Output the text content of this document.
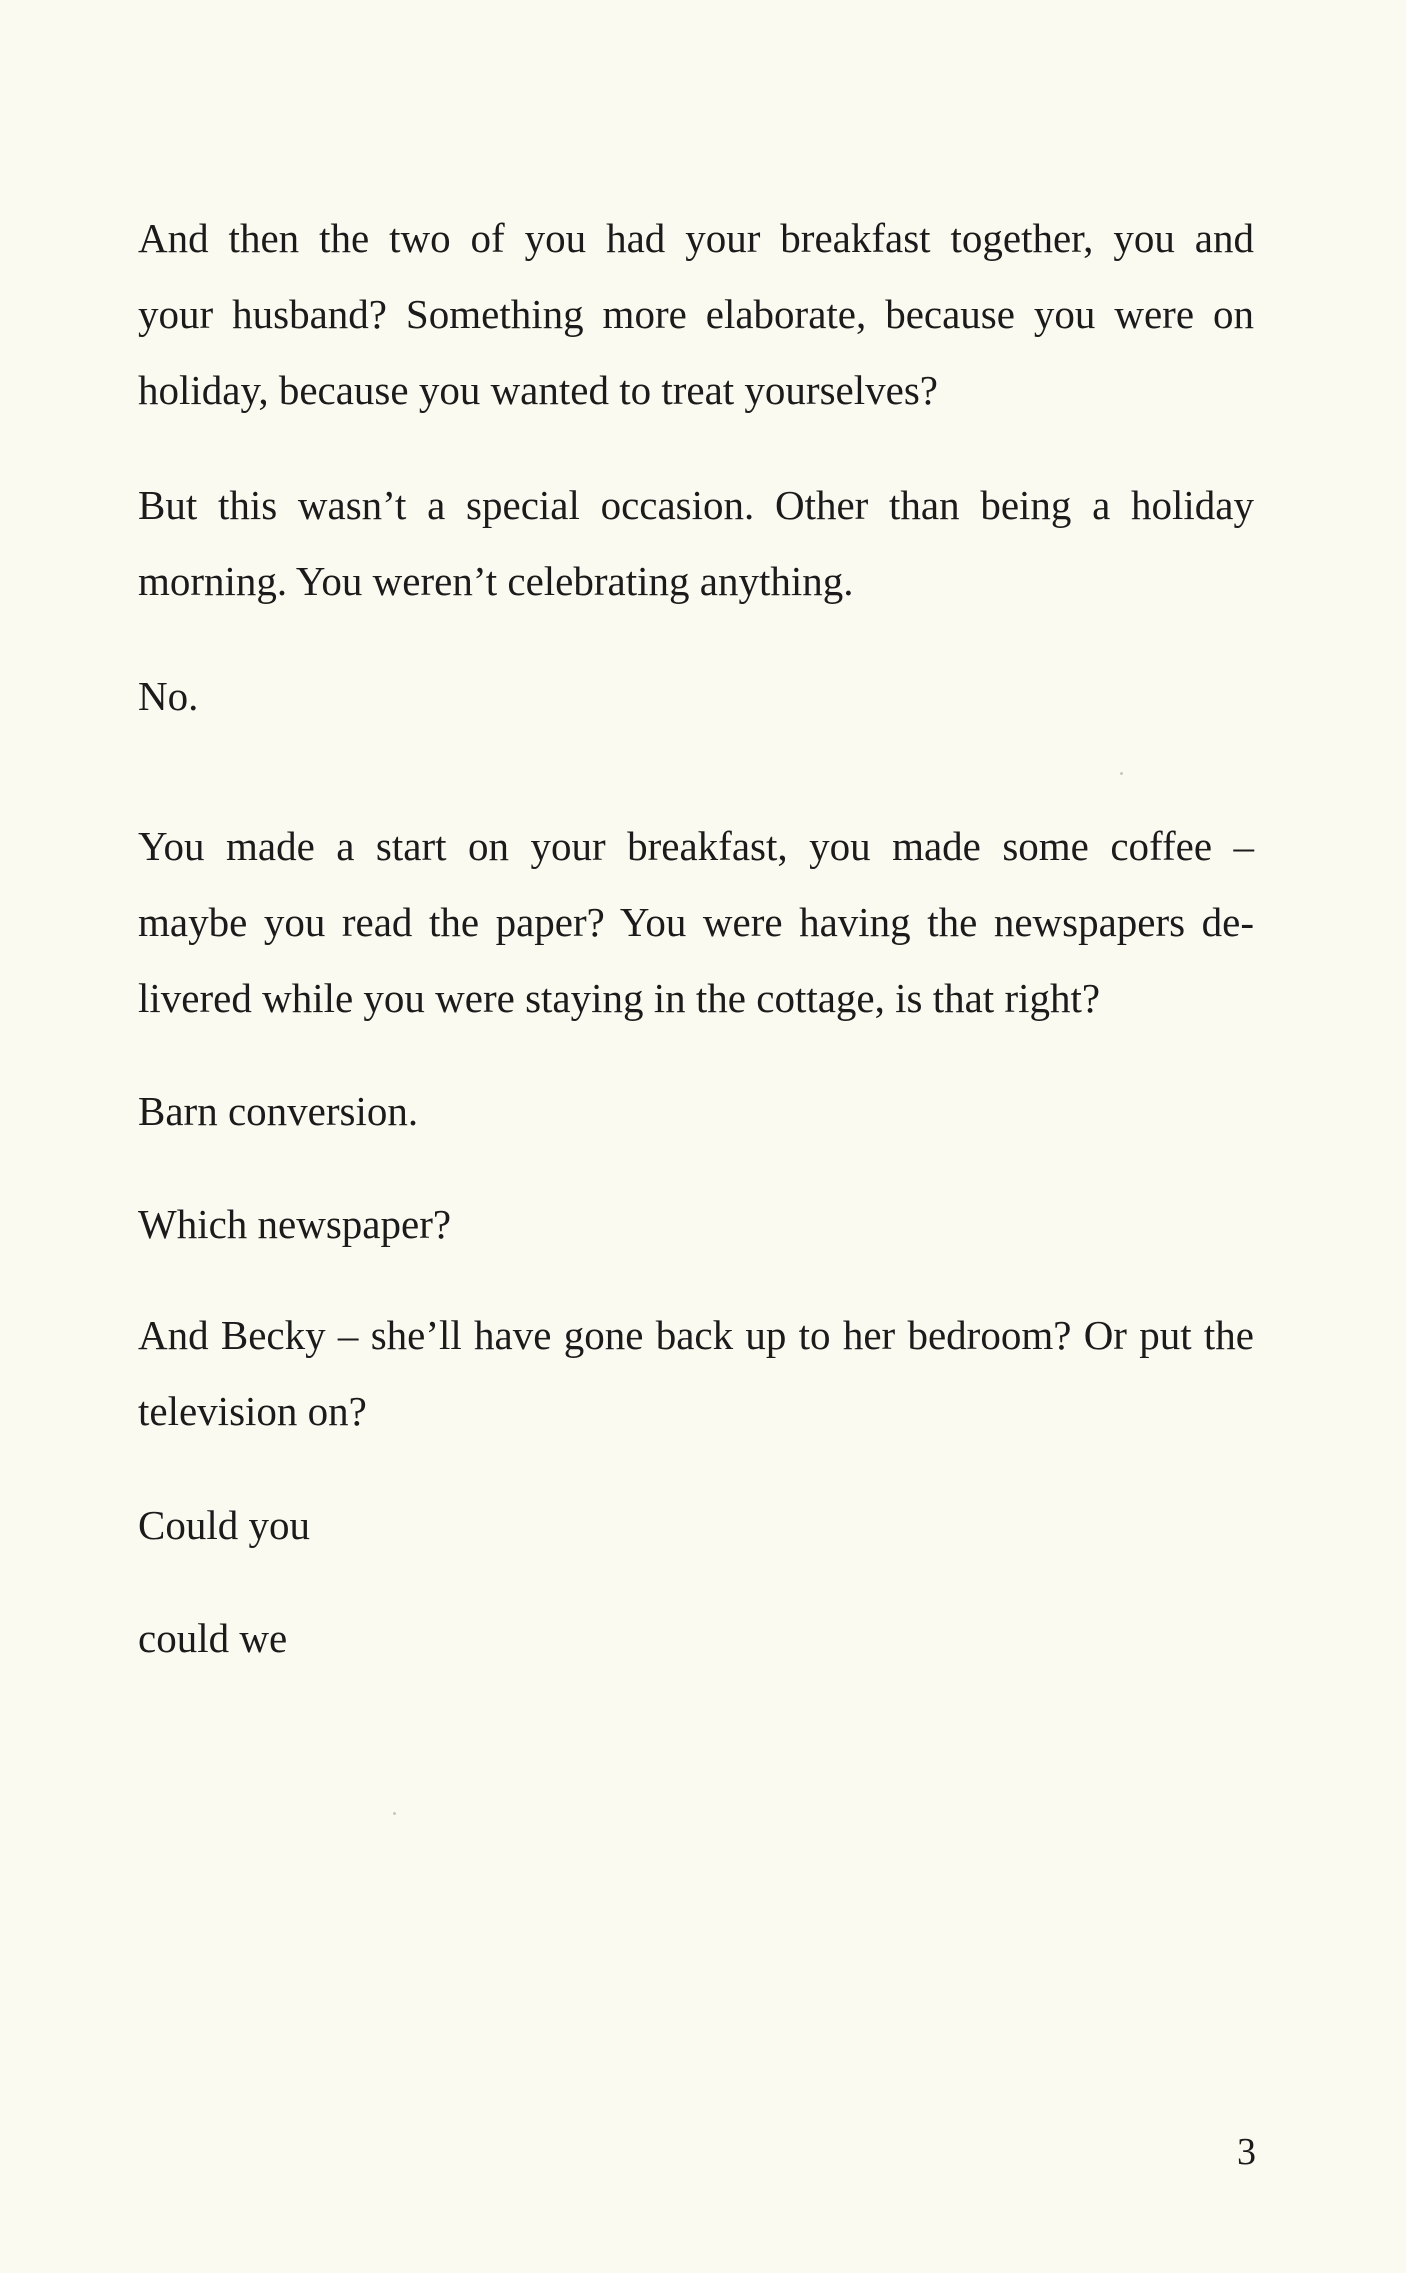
And then the two of you had your breakfast together, you and
your husband? Something more elaborate, because you were on
holiday, because you wanted to treat yourselves?
But this wasn’t a special occasion. Other than being a holiday
morning. You weren’t celebrating anything.
No.
You made a start on your breakfast, you made some coffee –
maybe you read the paper? You were having the newspapers de-
livered while you were staying in the cottage, is that right?
Barn conversion.
Which newspaper?
And Becky – she’ll have gone back up to her bedroom? Or put the
television on?
Could you
could we
3
